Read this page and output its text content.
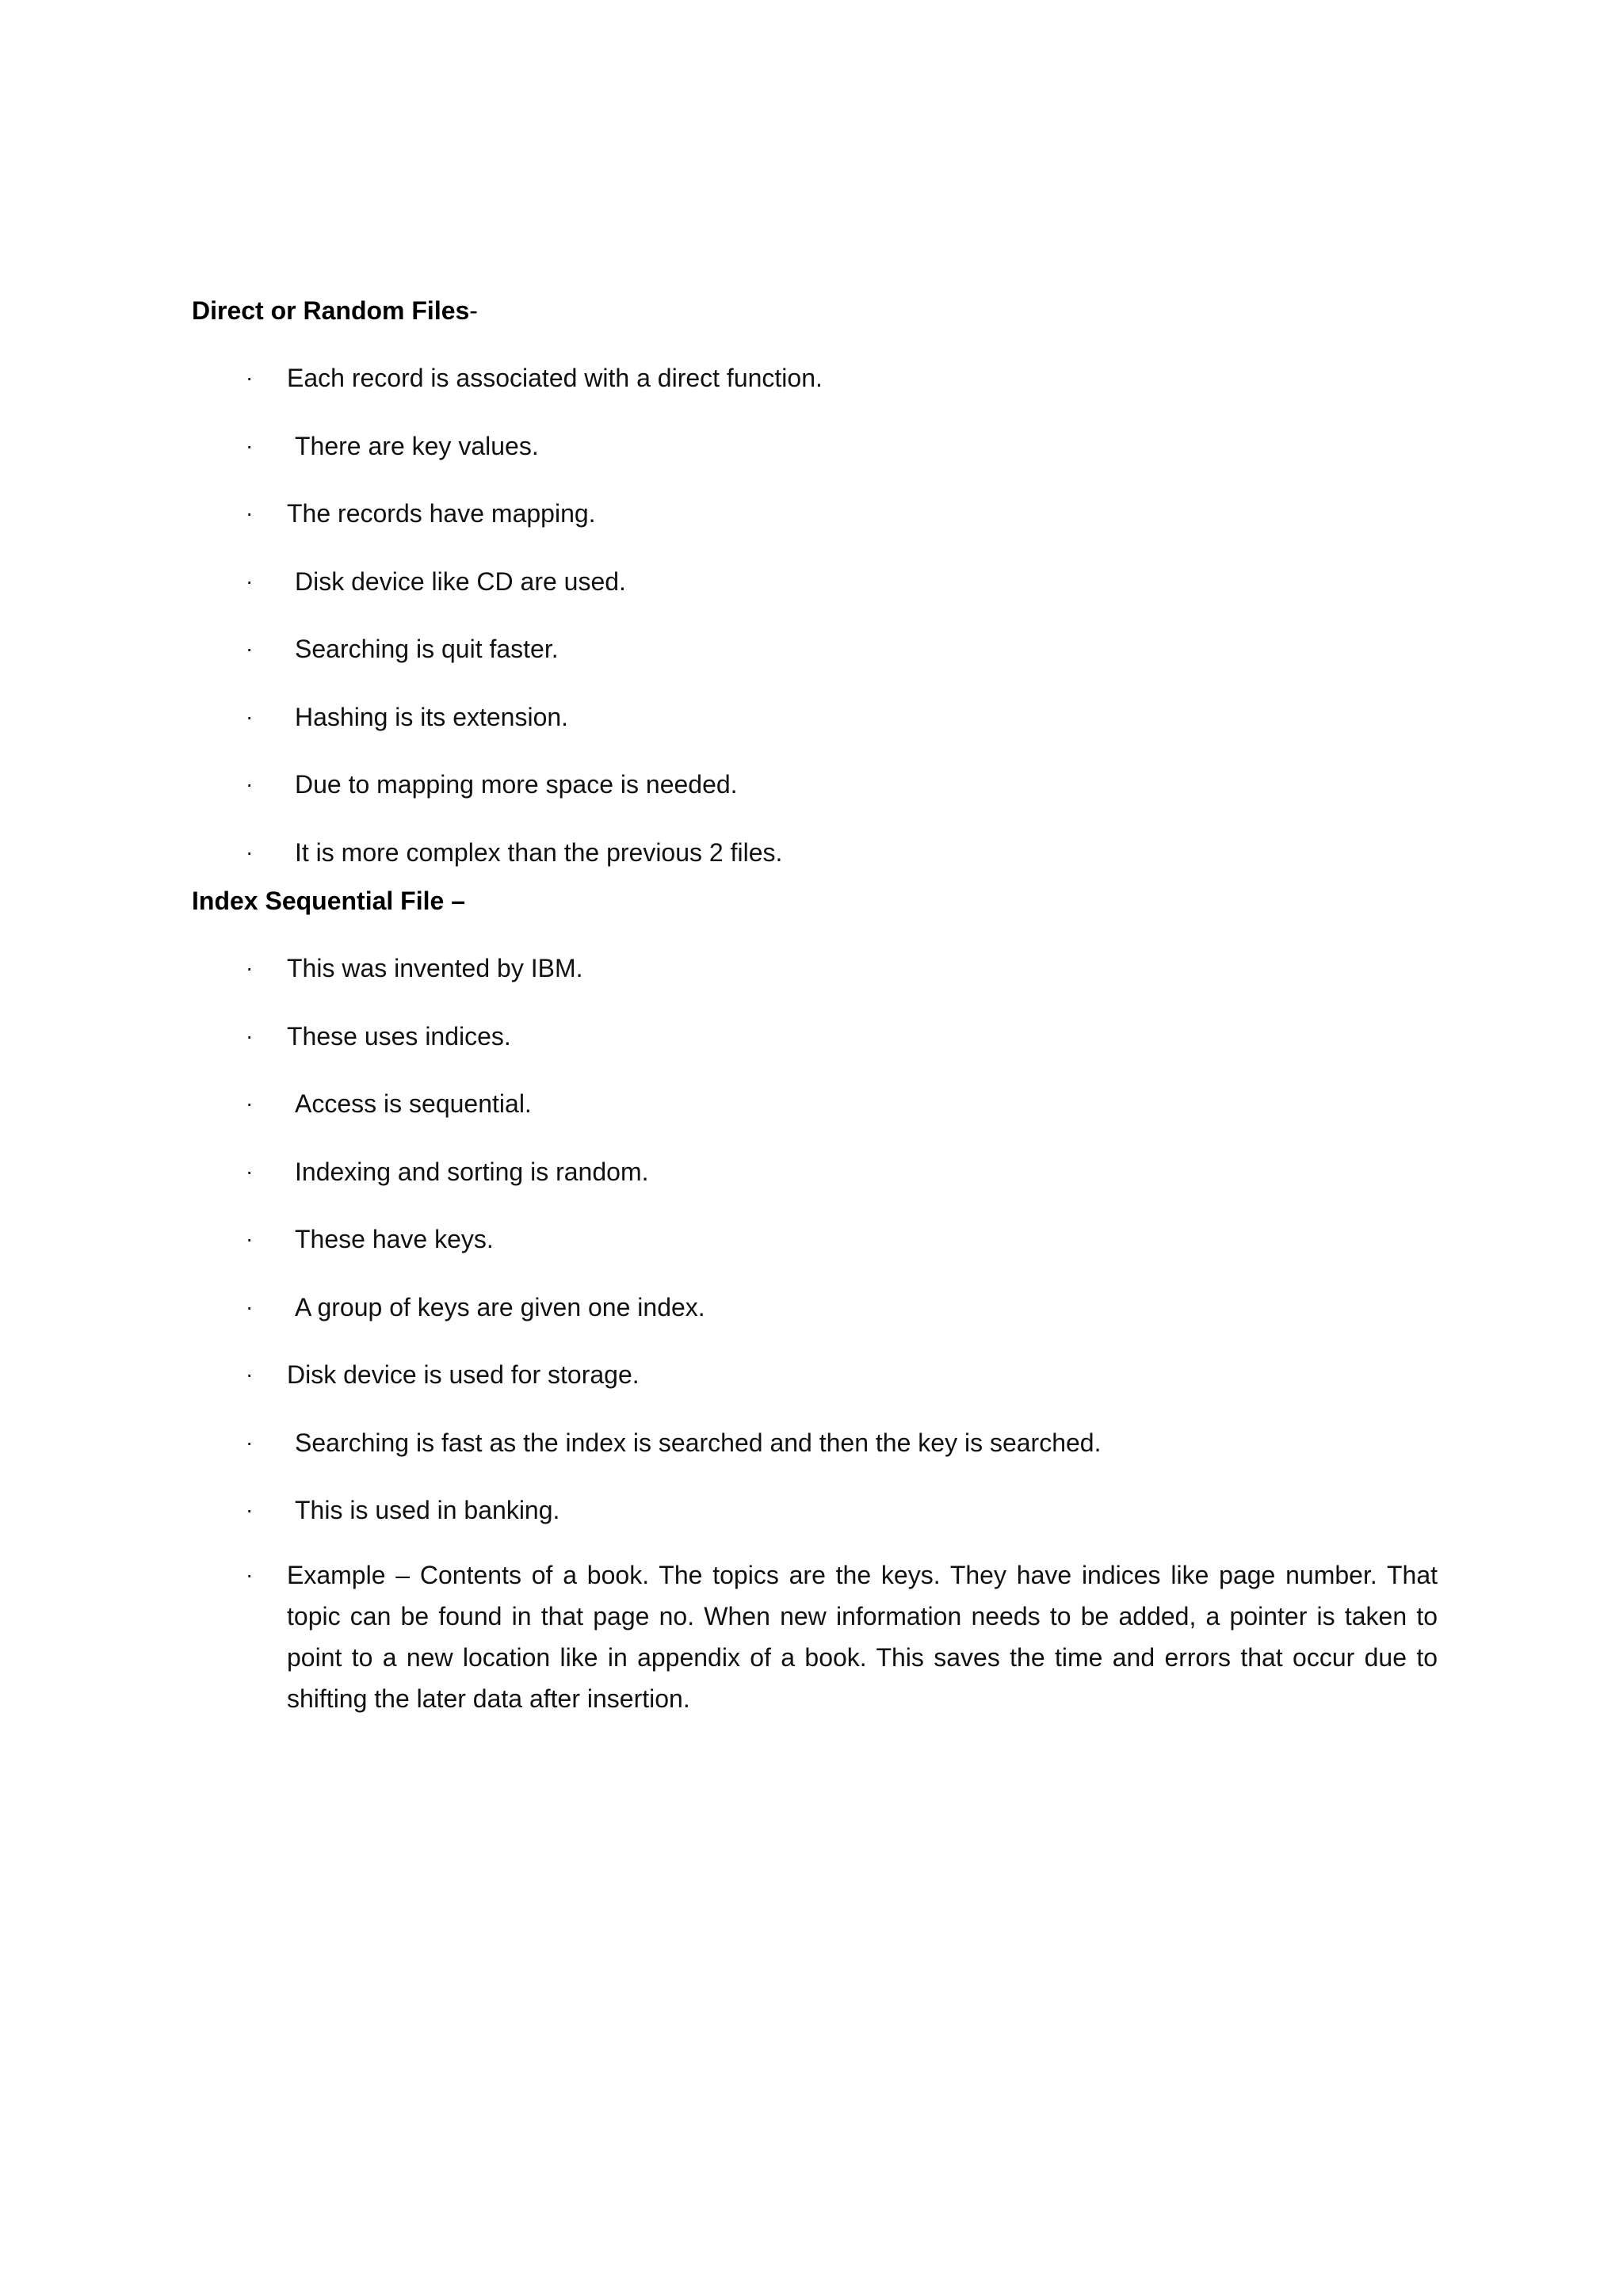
Direct or Random Files-
· Each record is associated with a direct function.
· There are key values.
· The records have mapping.
· Disk device like CD are used.
· Searching is quit faster.
· Hashing is its extension.
· Due to mapping more space is needed.
· It is more complex than the previous 2 files.
Index Sequential File –
· This was invented by IBM.
· These uses indices.
· Access is sequential.
· Indexing and sorting is random.
· These have keys.
· A group of keys are given one index.
· Disk device is used for storage.
· Searching is fast as the index is searched and then the key is searched.
· This is used in banking.
· Example – Contents of a book. The topics are the keys. They have indices like page number. That topic can be found in that page no. When new information needs to be added, a pointer is taken to point to a new location like in appendix of a book. This saves the time and errors that occur due to shifting the later data after insertion.
